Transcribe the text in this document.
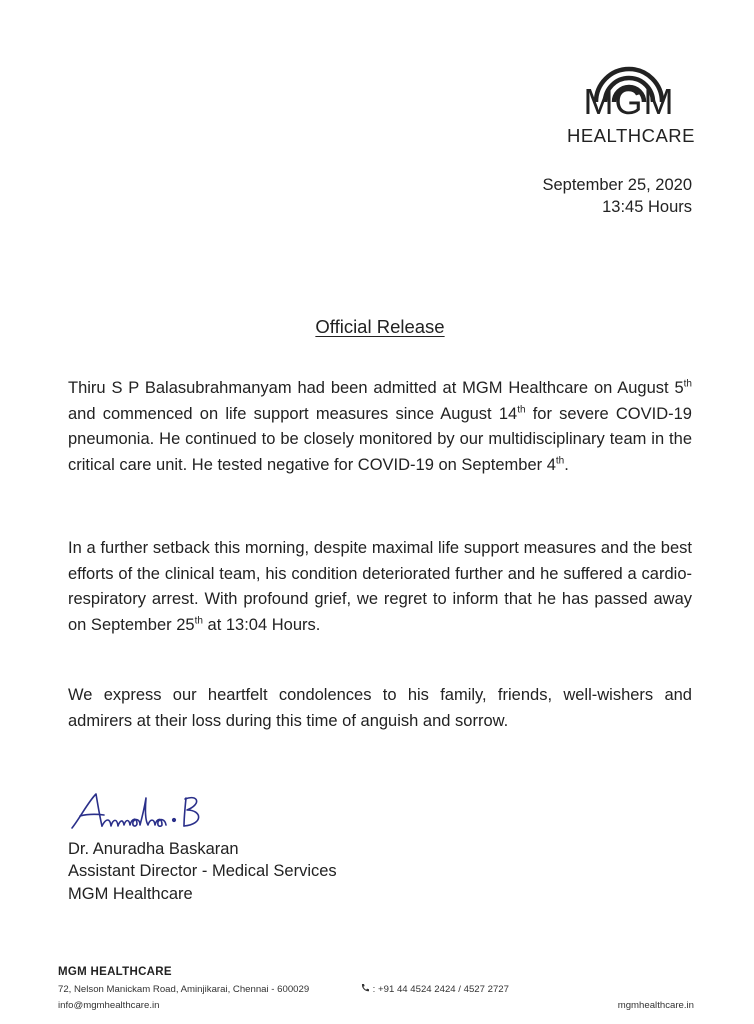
MGM
HEALTHCARE
September 25, 2020
13:45 Hours
Official Release
Thiru S P Balasubrahmanyam had been admitted at MGM Healthcare on August 5th and commenced on life support measures since August 14th for severe COVID-19 pneumonia. He continued to be closely monitored by our multidisciplinary team in the critical care unit. He tested negative for COVID-19 on September 4th.
In a further setback this morning, despite maximal life support measures and the best efforts of the clinical team, his condition deteriorated further and he suffered a cardio-respiratory arrest. With profound grief, we regret to inform that he has passed away on September 25th at 13:04 Hours.
We express our heartfelt condolences to his family, friends, well-wishers and admirers at their loss during this time of anguish and sorrow.
Dr. Anuradha Baskaran
Assistant Director - Medical Services
MGM Healthcare
MGM HEALTHCARE
72, Nelson Manickam Road, Aminjikarai, Chennai - 600029	: +91 44 4524 2424 / 4527 2727
info@mgmhealthcare.in	mgmhealthcare.in
